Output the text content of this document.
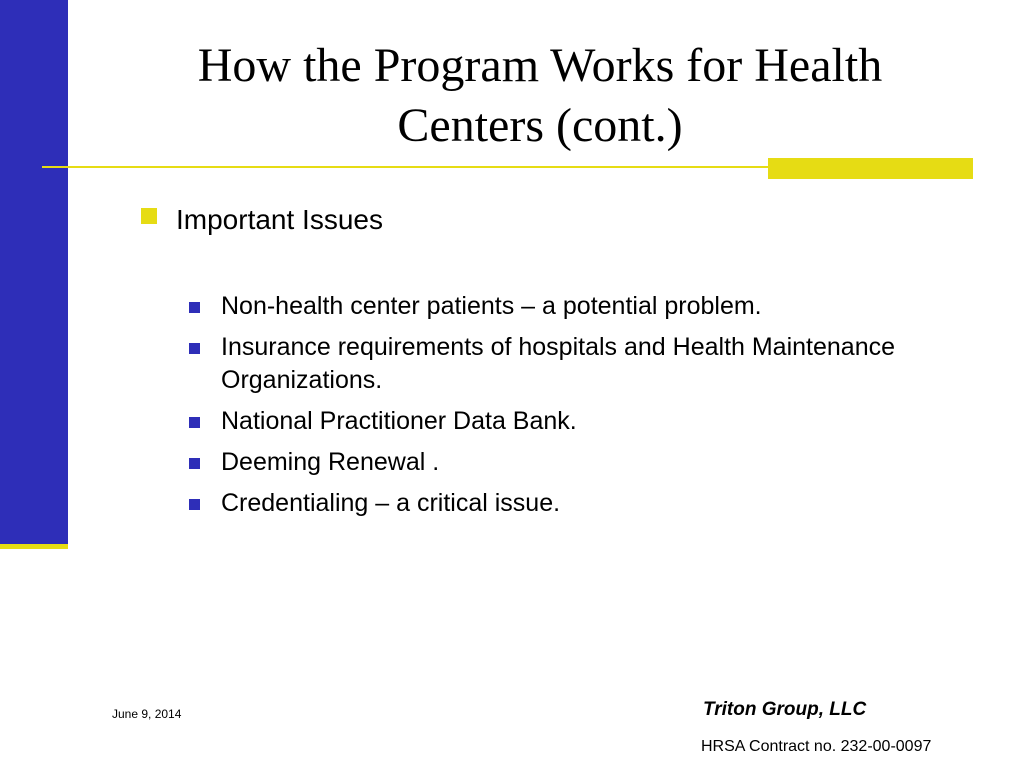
How the Program Works for Health
Centers (cont.)
Important Issues
Non-health center patients – a potential problem.
Insurance requirements of hospitals and Health Maintenance Organizations.
National Practitioner Data Bank.
Deeming Renewal .
Credentialing – a critical issue.
June 9, 2014	Triton Group, LLC
HRSA Contract no. 232-00-0097
